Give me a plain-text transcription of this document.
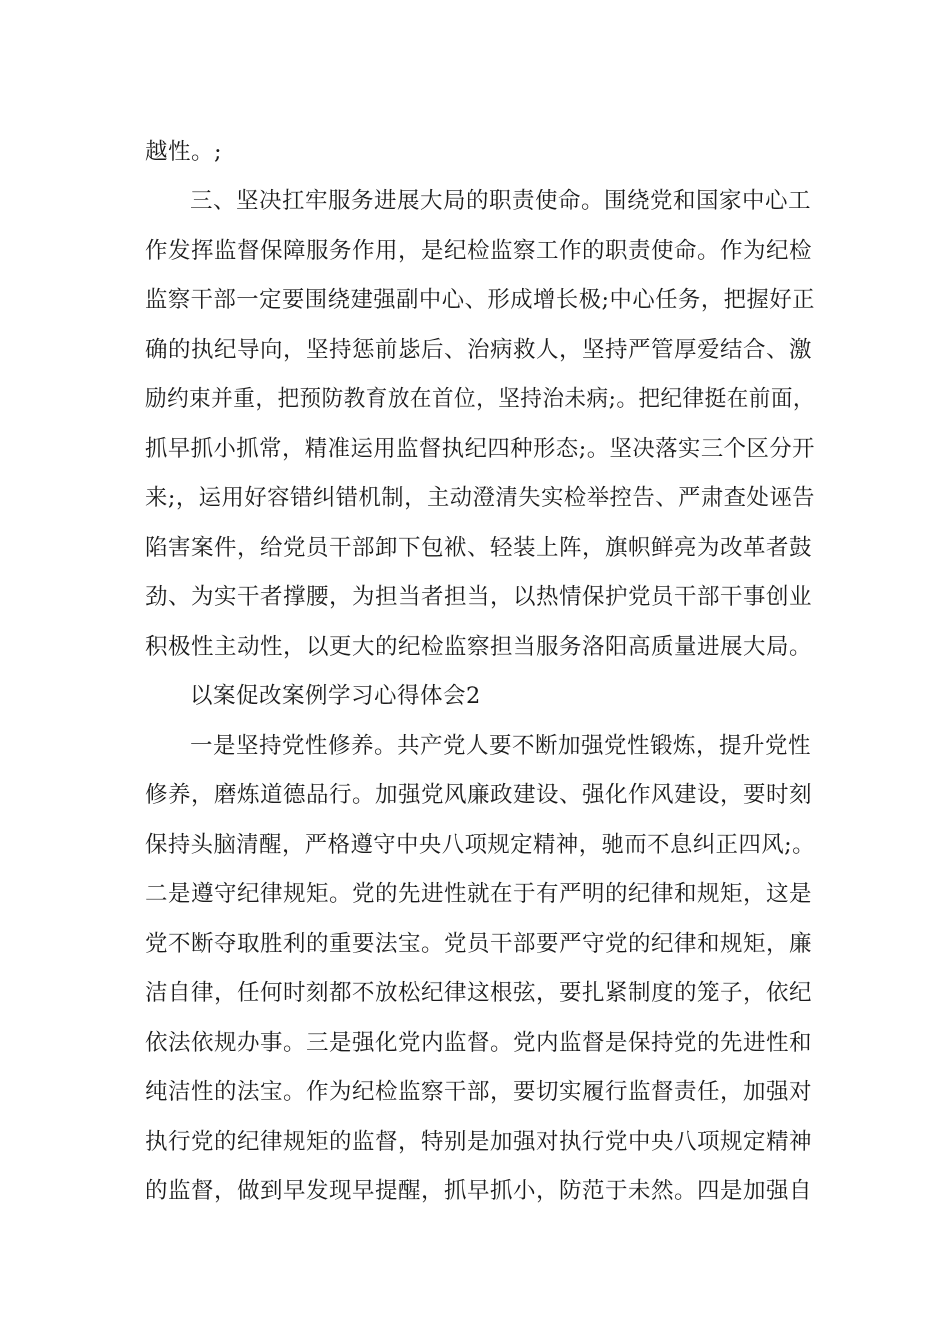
越性。;
三、坚决扛牢服务进展大局的职责使命。围绕党和国家中心工
作发挥监督保障服务作用，是纪检监察工作的职责使命。作为纪检
监察干部一定要围绕建强副中心、形成增长极;中心任务，把握好正
确的执纪导向，坚持惩前毖后、治病救人，坚持严管厚爱结合、激
励约束并重，把预防教育放在首位，坚持治未病;。把纪律挺在前面，
抓早抓小抓常，精准运用监督执纪四种形态;。坚决落实三个区分开
来;，运用好容错纠错机制，主动澄清失实检举控告、严肃查处诬告
陷害案件，给党员干部卸下包袱、轻装上阵，旗帜鲜亮为改革者鼓
劲、为实干者撑腰，为担当者担当，以热情保护党员干部干事创业
积极性主动性，以更大的纪检监察担当服务洛阳高质量进展大局。
以案促改案例学习心得体会2
一是坚持党性修养。共产党人要不断加强党性锻炼，提升党性
修养，磨炼道德品行。加强党风廉政建设、强化作风建设，要时刻
保持头脑清醒，严格遵守中央八项规定精神，驰而不息纠正四风;。
二是遵守纪律规矩。党的先进性就在于有严明的纪律和规矩，这是
党不断夺取胜利的重要法宝。党员干部要严守党的纪律和规矩，廉
洁自律，任何时刻都不放松纪律这根弦，要扎紧制度的笼子，依纪
依法依规办事。三是强化党内监督。党内监督是保持党的先进性和
纯洁性的法宝。作为纪检监察干部，要切实履行监督责任，加强对
执行党的纪律规矩的监督，特别是加强对执行党中央八项规定精神
的监督，做到早发现早提醒，抓早抓小，防范于未然。四是加强自
